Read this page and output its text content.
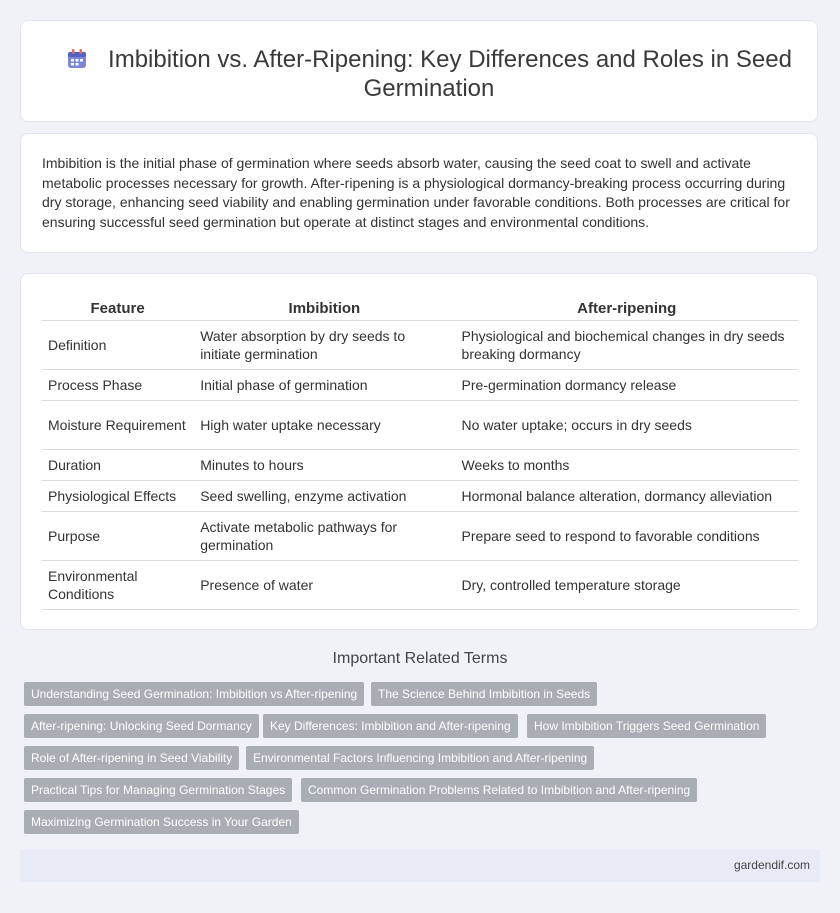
Imbibition vs. After-Ripening: Key Differences and Roles in Seed Germination

Imbibition is the initial phase of germination where seeds absorb water, causing the seed coat to swell and activate metabolic processes necessary for growth. After-ripening is a physiological dormancy-breaking process occurring during dry storage, enhancing seed viability and enabling germination under favorable conditions. Both processes are critical for ensuring successful seed germination but operate at distinct stages and environmental conditions.

Feature	Imbibition	After-ripening
Definition	Water absorption by dry seeds to initiate germination	Physiological and biochemical changes in dry seeds breaking dormancy
Process Phase	Initial phase of germination	Pre-germination dormancy release
Moisture Requirement	High water uptake necessary	No water uptake; occurs in dry seeds
Duration	Minutes to hours	Weeks to months
Physiological Effects	Seed swelling, enzyme activation	Hormonal balance alteration, dormancy alleviation
Purpose	Activate metabolic pathways for germination	Prepare seed to respond to favorable conditions
Environmental Conditions	Presence of water	Dry, controlled temperature storage
Important Related Terms
Understanding Seed Germination: Imbibition vs After-ripening	The Science Behind Imbibition in Seeds
After-ripening: Unlocking Seed Dormancy	Key Differences: Imbibition and After-ripening	How Imbibition Triggers Seed Germination
Role of After-ripening in Seed Viability	Environmental Factors Influencing Imbibition and After-ripening
Practical Tips for Managing Germination Stages	Common Germination Problems Related to Imbibition and After-ripening
Maximizing Germination Success in Your Garden
gardendif.com
